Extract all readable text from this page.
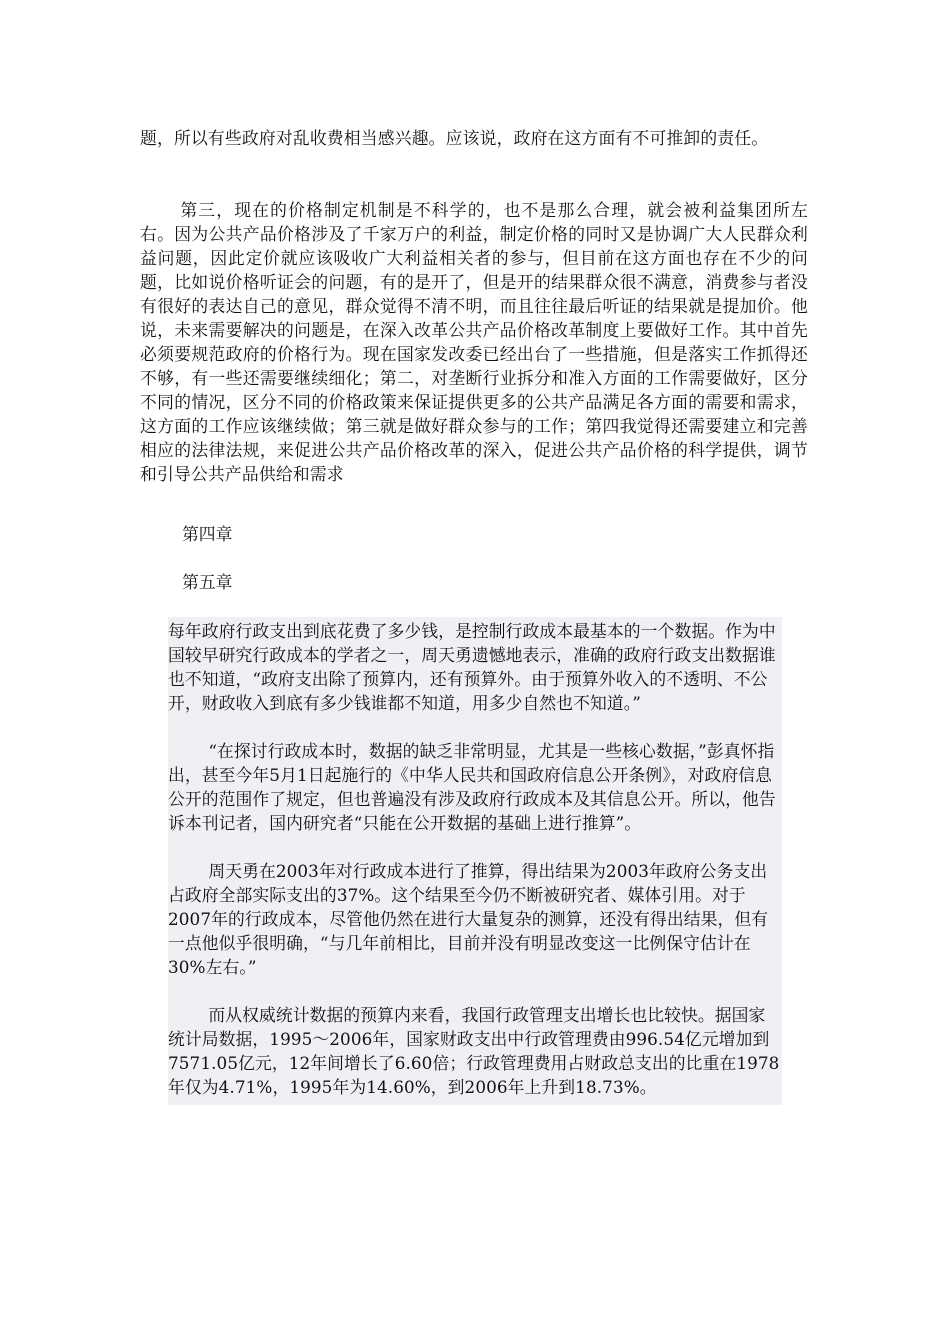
题，所以有些政府对乱收费相当感兴趣。应该说，政府在这方面有不可推卸的责任。
第三，现在的价格制定机制是不科学的，也不是那么合理，就会被利益集团所左右。因为公共产品价格涉及了千家万户的利益，制定价格的同时又是协调广大人民群众利益问题，因此定价就应该吸收广大利益相关者的参与，但目前在这方面也存在不少的问题，比如说价格听证会的问题，有的是开了，但是开的结果群众很不满意，消费参与者没有很好的表达自己的意见，群众觉得不清不明，而且往往最后听证的结果就是提加价。他说，未来需要解决的问题是，在深入改革公共产品价格改革制度上要做好工作。其中首先必须要规范政府的价格行为。现在国家发改委已经出台了一些措施，但是落实工作抓得还不够，有一些还需要继续细化；第二，对垄断行业拆分和准入方面的工作需要做好，区分不同的情况，区分不同的价格政策来保证提供更多的公共产品满足各方面的需要和需求，这方面的工作应该继续做；第三就是做好群众参与的工作；第四我觉得还需要建立和完善相应的法律法规，来促进公共产品价格改革的深入，促进公共产品价格的科学提供，调节和引导公共产品供给和需求
第四章
第五章

每年政府行政支出到底花费了多少钱，是控制行政成本最基本的一个数据。作为中国较早研究行政成本的学者之一，周天勇遗憾地表示，准确的政府行政支出数据谁也不知道，“政府支出除了预算内，还有预算外。由于预算外收入的不透明、不公开，财政收入到底有多少钱谁都不知道，用多少自然也不知道。”

“在探讨行政成本时，数据的缺乏非常明显，尤其是一些核心数据，”彭真怀指出，甚至今年5月1日起施行的《中华人民共和国政府信息公开条例》，对政府信息公开的范围作了规定，但也普遍没有涉及政府行政成本及其信息公开。所以，他告诉本刊记者，国内研究者“只能在公开数据的基础上进行推算”。

周天勇在2003年对行政成本进行了推算，得出结果为2003年政府公务支出占政府全部实际支出的37%。这个结果至今仍不断被研究者、媒体引用。对于2007年的行政成本，尽管他仍然在进行大量复杂的测算，还没有得出结果，但有一点他似乎很明确，“与几年前相比，目前并没有明显改变这一比例保守估计在30%左右。”

而从权威统计数据的预算内来看，我国行政管理支出增长也比较快。据国家统计局数据，1995～2006年，国家财政支出中行政管理费由996.54亿元增加到7571.05亿元，12年间增长了6.60倍；行政管理费用占财政总支出的比重在1978年仅为4.71%，1995年为14.60%，到2006年上升到18.73%。
